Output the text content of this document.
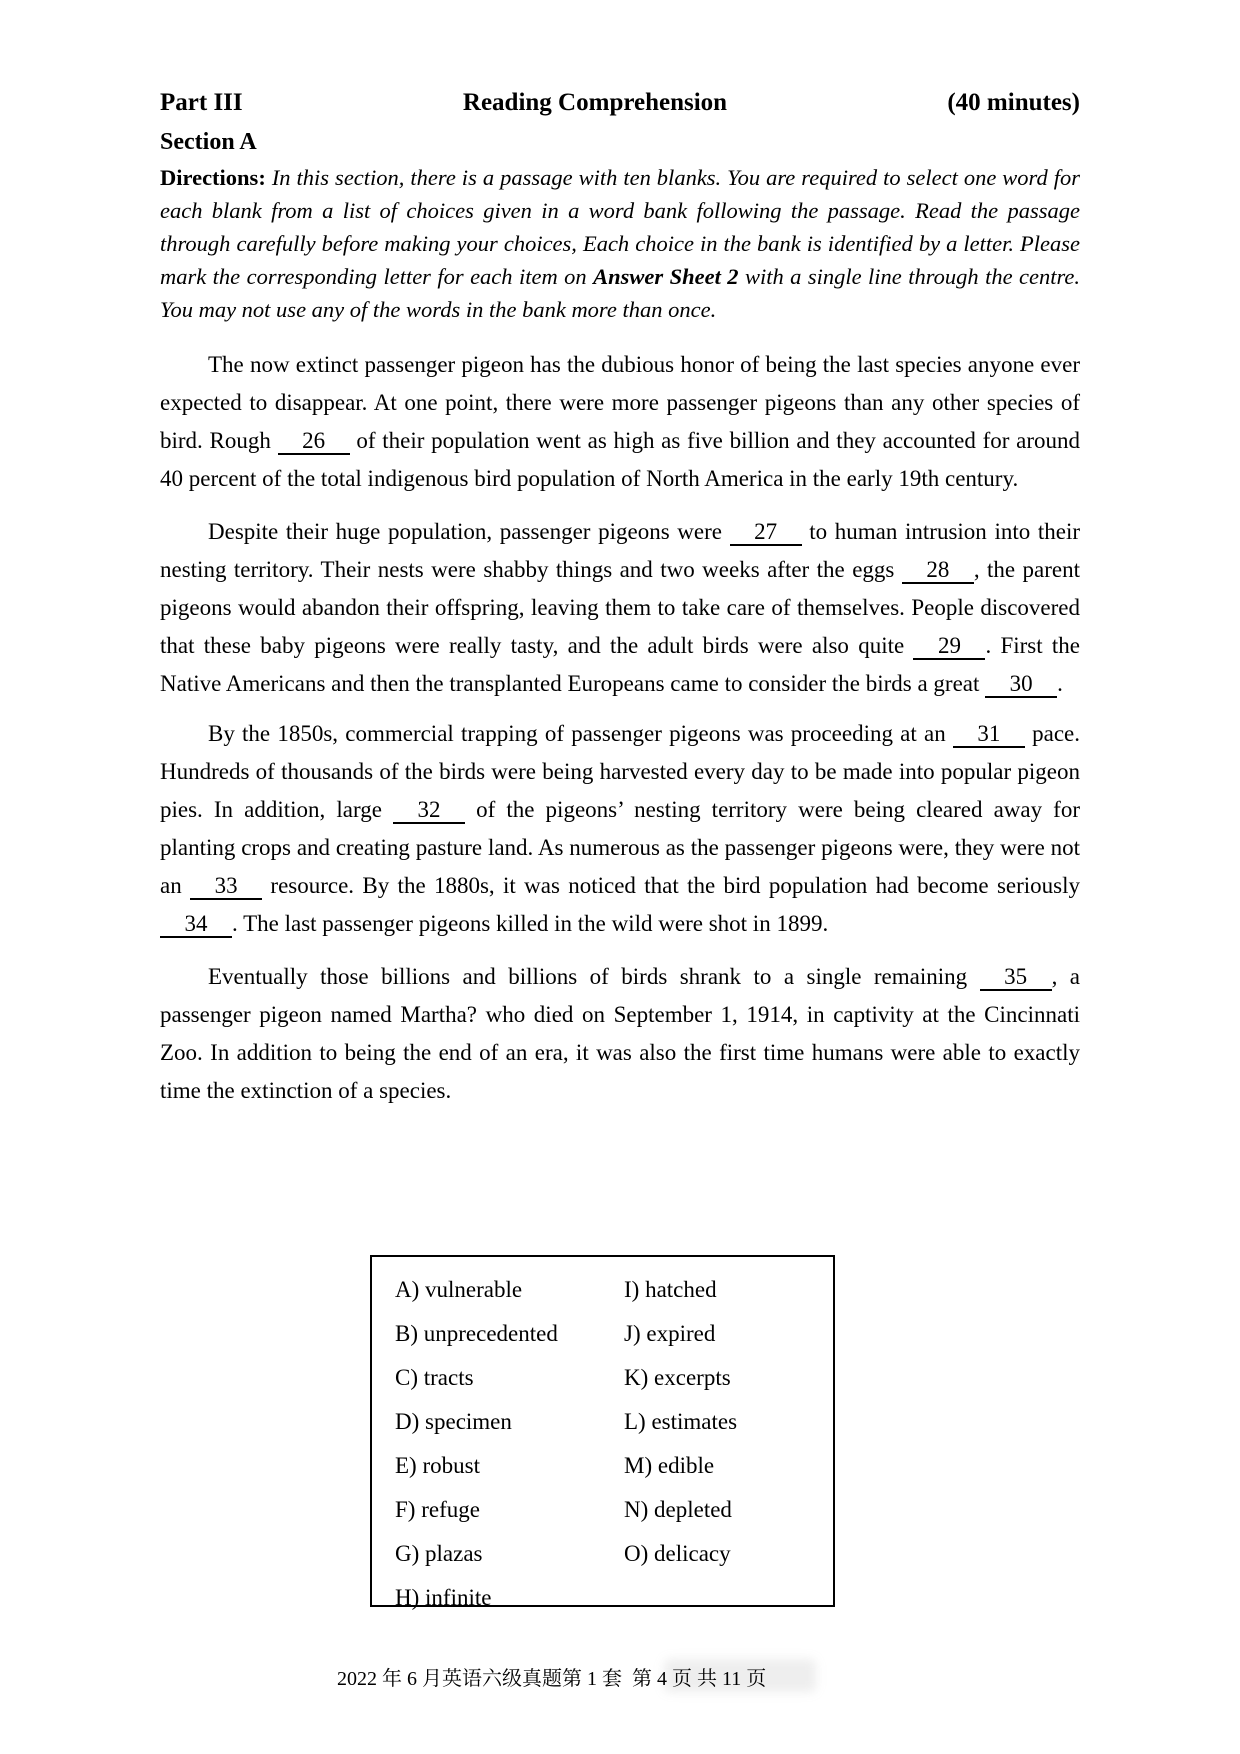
Part III	Reading Comprehension	(40 minutes)
Section A

Directions: In this section, there is a passage with ten blanks. You are required to select one word for each blank from a list of choices given in a word bank following the passage. Read the passage through carefully before making your choices, Each choice in the bank is identified by a letter. Please mark the corresponding letter for each item on Answer Sheet 2 with a single line through the centre. You may not use any of the words in the bank more than once.

The now extinct passenger pigeon has the dubious honor of being the last species anyone ever expected to disappear. At one point, there were more passenger pigeons than any other species of bird. Rough 26 of their population went as high as five billion and they accounted for around 40 percent of the total indigenous bird population of North America in the early 19th century.

Despite their huge population, passenger pigeons were 27 to human intrusion into their nesting territory. Their nests were shabby things and two weeks after the eggs 28 , the parent pigeons would abandon their offspring, leaving them to take care of themselves. People discovered that these baby pigeons were really tasty, and the adult birds were also quite 29 . First the Native Americans and then the transplanted Europeans came to consider the birds a great 30 .

By the 1850s, commercial trapping of passenger pigeons was proceeding at an 31 pace. Hundreds of thousands of the birds were being harvested every day to be made into popular pigeon pies. In addition, large 32 of the pigeons’ nesting territory were being cleared away for planting crops and creating pasture land. As numerous as the passenger pigeons were, they were not an 33 resource. By the 1880s, it was noticed that the bird population had become seriously 34 . The last passenger pigeons killed in the wild were shot in 1899.

Eventually those billions and billions of birds shrank to a single remaining 35 , a passenger pigeon named Martha? who died on September 1, 1914, in captivity at the Cincinnati Zoo. In addition to being the end of an era, it was also the first time humans were able to exactly time the extinction of a species.

A) vulnerable
B) unprecedented
C) tracts
D) specimen
E) robust
F) refuge
G) plazas
H) infinite
I) hatched
J) expired
K) excerpts
L) estimates
M) edible
N) depleted
O) delicacy
2022 年 6 月英语六级真题第 1 套  第 4 页 共 11 页
